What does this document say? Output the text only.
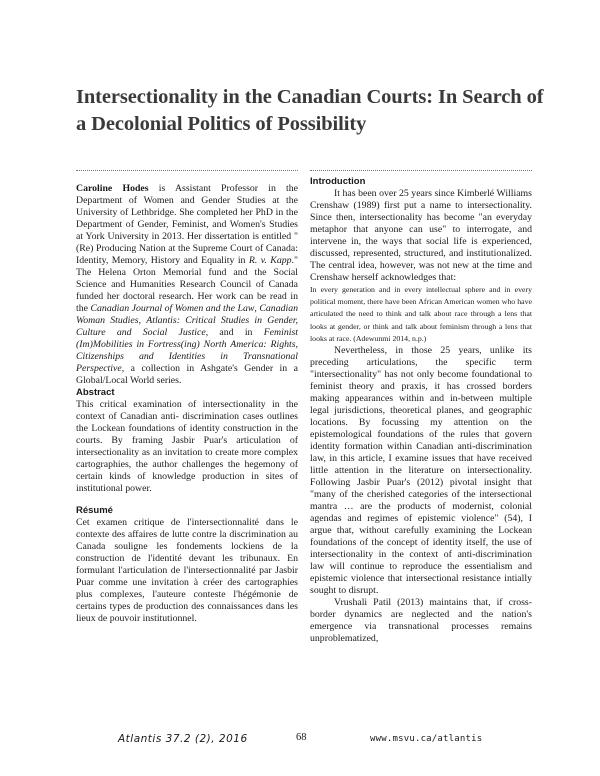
Intersectionality in the Canadian Courts: In Search of a Decolonial Politics of Possibility

Caroline Hodes is Assistant Professor in the Department of Women and Gender Studies at the University of Lethbridge. She completed her PhD in the Department of Gender, Feminist, and Women's Studies at York University in 2013. Her dissertation is entitled "(Re) Producing Nation at the Supreme Court of Canada: Identity, Memory, History and Equality in R. v. Kapp." The Helena Orton Memorial fund and the Social Science and Humanities Research Council of Canada funded her doctoral research. Her work can be read in the Canadian Journal of Women and the Law, Canadian Woman Studies, Atlantis: Critical Studies in Gender, Culture and Social Justice, and in Feminist (Im)Mobilities in Fortress(ing) North America: Rights, Citizenships and Identities in Transnational Perspective, a collection in Ashgate's Gender in a Global/Local World series.

Abstract

This critical examination of intersectionality in the context of Canadian anti- discrimination cases outlines the Lockean foundations of identity construction in the courts. By framing Jasbir Puar's articulation of intersectionality as an invitation to create more complex cartographies, the author challenges the hegemony of certain kinds of knowledge production in sites of institutional power.

Résumé

Cet examen critique de l'intersectionnalité dans le contexte des affaires de lutte contre la discrimination au Canada souligne les fondements lockiens de la construction de l'identité devant les tribunaux. En formulant l'articulation de l'intersectionnalité par Jasbir Puar comme une invitation à créer des cartographies plus complexes, l'auteure conteste l'hégémonie de certains types de production des connaissances dans les lieux de pouvoir institutionnel.

Introduction

It has been over 25 years since Kimberlé Williams Crenshaw (1989) first put a name to intersectionality. Since then, intersectionality has become "an everyday metaphor that anyone can use" to interrogate, and intervene in, the ways that social life is experienced, discussed, represented, structured, and institutionalized. The central idea, however, was not new at the time and Crenshaw herself acknowledges that:

In every generation and in every intellectual sphere and in every political moment, there have been African American women who have articulated the need to think and talk about race through a lens that looks at gender, or think and talk about feminism through a lens that looks at race. (Adewunmi 2014, n.p.)

Nevertheless, in those 25 years, unlike its preceding articulations, the specific term "intersectionality" has not only become foundational to feminist theory and praxis, it has crossed borders making appearances within and in-between multiple legal jurisdictions, theoretical planes, and geographic locations. By focussing my attention on the epistemological foundations of the rules that govern identity formation within Canadian anti-discrimination law, in this article, I examine issues that have received little attention in the literature on intersectionality. Following Jasbir Puar's (2012) pivotal insight that "many of the cherished categories of the intersectional mantra … are the products of modernist, colonial agendas and regimes of epistemic violence" (54), I argue that, without carefully examining the Lockean foundations of the concept of identity itself, the use of intersectionality in the context of anti-discrimination law will continue to reproduce the essentialism and epistemic violence that intersectional resistance intially sought to disrupt.

Vrushali Patil (2013) maintains that, if cross-border dynamics are neglected and the nation's emergence via transnational processes remains unproblematized,

Atlantis 37.2 (2), 2016	68	www.msvu.ca/atlantis
